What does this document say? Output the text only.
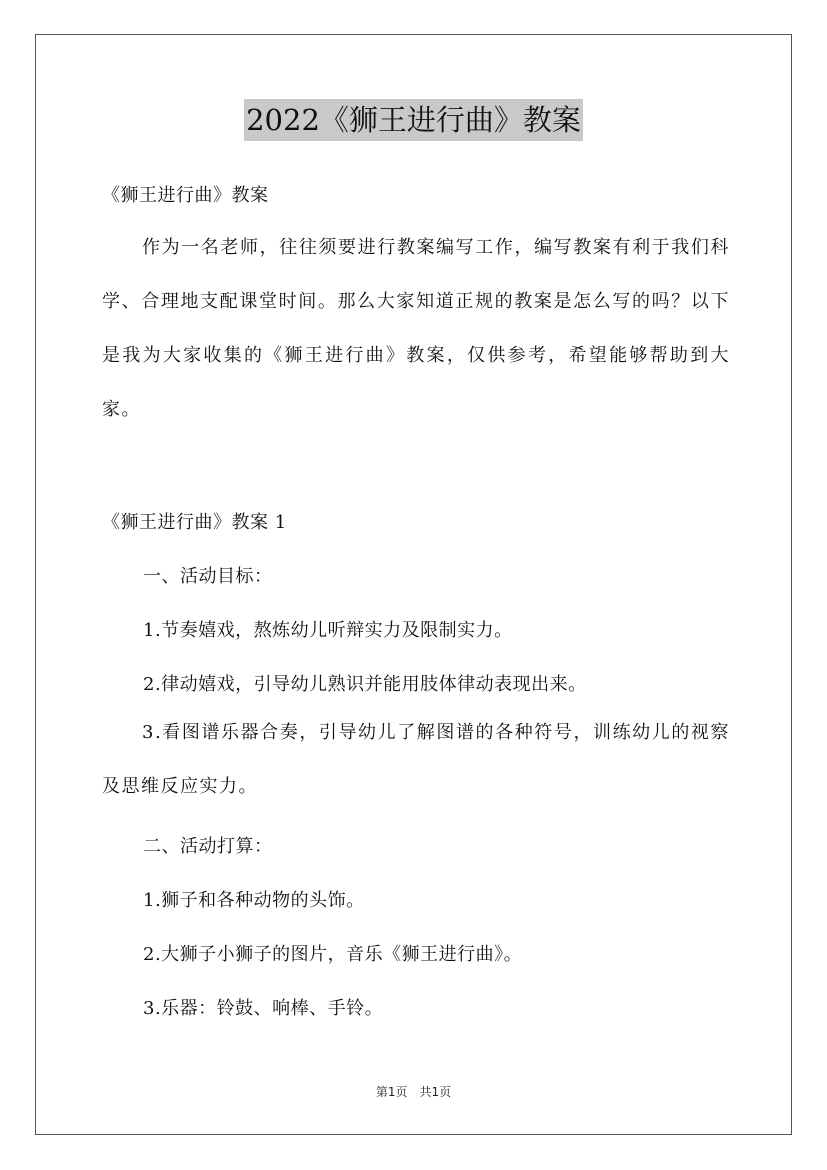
2022《狮王进行曲》教案

《狮王进行曲》教案

作为一名老师，往往须要进行教案编写工作，编写教案有利于我们科学、合理地支配课堂时间。那么大家知道正规的教案是怎么写的吗？以下是我为大家收集的《狮王进行曲》教案，仅供参考，希望能够帮助到大家。

《狮王进行曲》教案 1

一、活动目标：

1.节奏嬉戏，熬炼幼儿听辩实力及限制实力。

2.律动嬉戏，引导幼儿熟识并能用肢体律动表现出来。

3.看图谱乐器合奏，引导幼儿了解图谱的各种符号，训练幼儿的视察及思维反应实力。

二、活动打算：

1.狮子和各种动物的头饰。

2.大狮子小狮子的图片，音乐《狮王进行曲》。

3.乐器：铃鼓、响棒、手铃。

第1页　共1页
